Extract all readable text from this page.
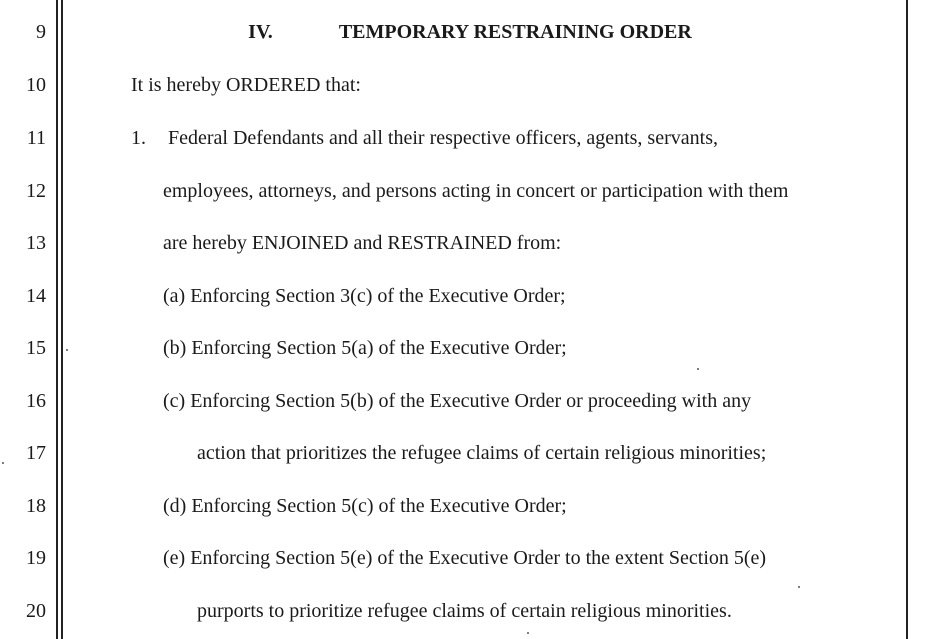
9
10
11
12
13
14
15
16
17
18
19
20
IV.	TEMPORARY RESTRAINING ORDER
It is hereby ORDERED that:
1. Federal Defendants and all their respective officers, agents, servants,
employees, attorneys, and persons acting in concert or participation with them
are hereby ENJOINED and RESTRAINED from:
(a) Enforcing Section 3(c) of the Executive Order;
(b) Enforcing Section 5(a) of the Executive Order;
(c) Enforcing Section 5(b) of the Executive Order or proceeding with any
action that prioritizes the refugee claims of certain religious minorities;
(d) Enforcing Section 5(c) of the Executive Order;
(e) Enforcing Section 5(e) of the Executive Order to the extent Section 5(e)
purports to prioritize refugee claims of certain religious minorities.
